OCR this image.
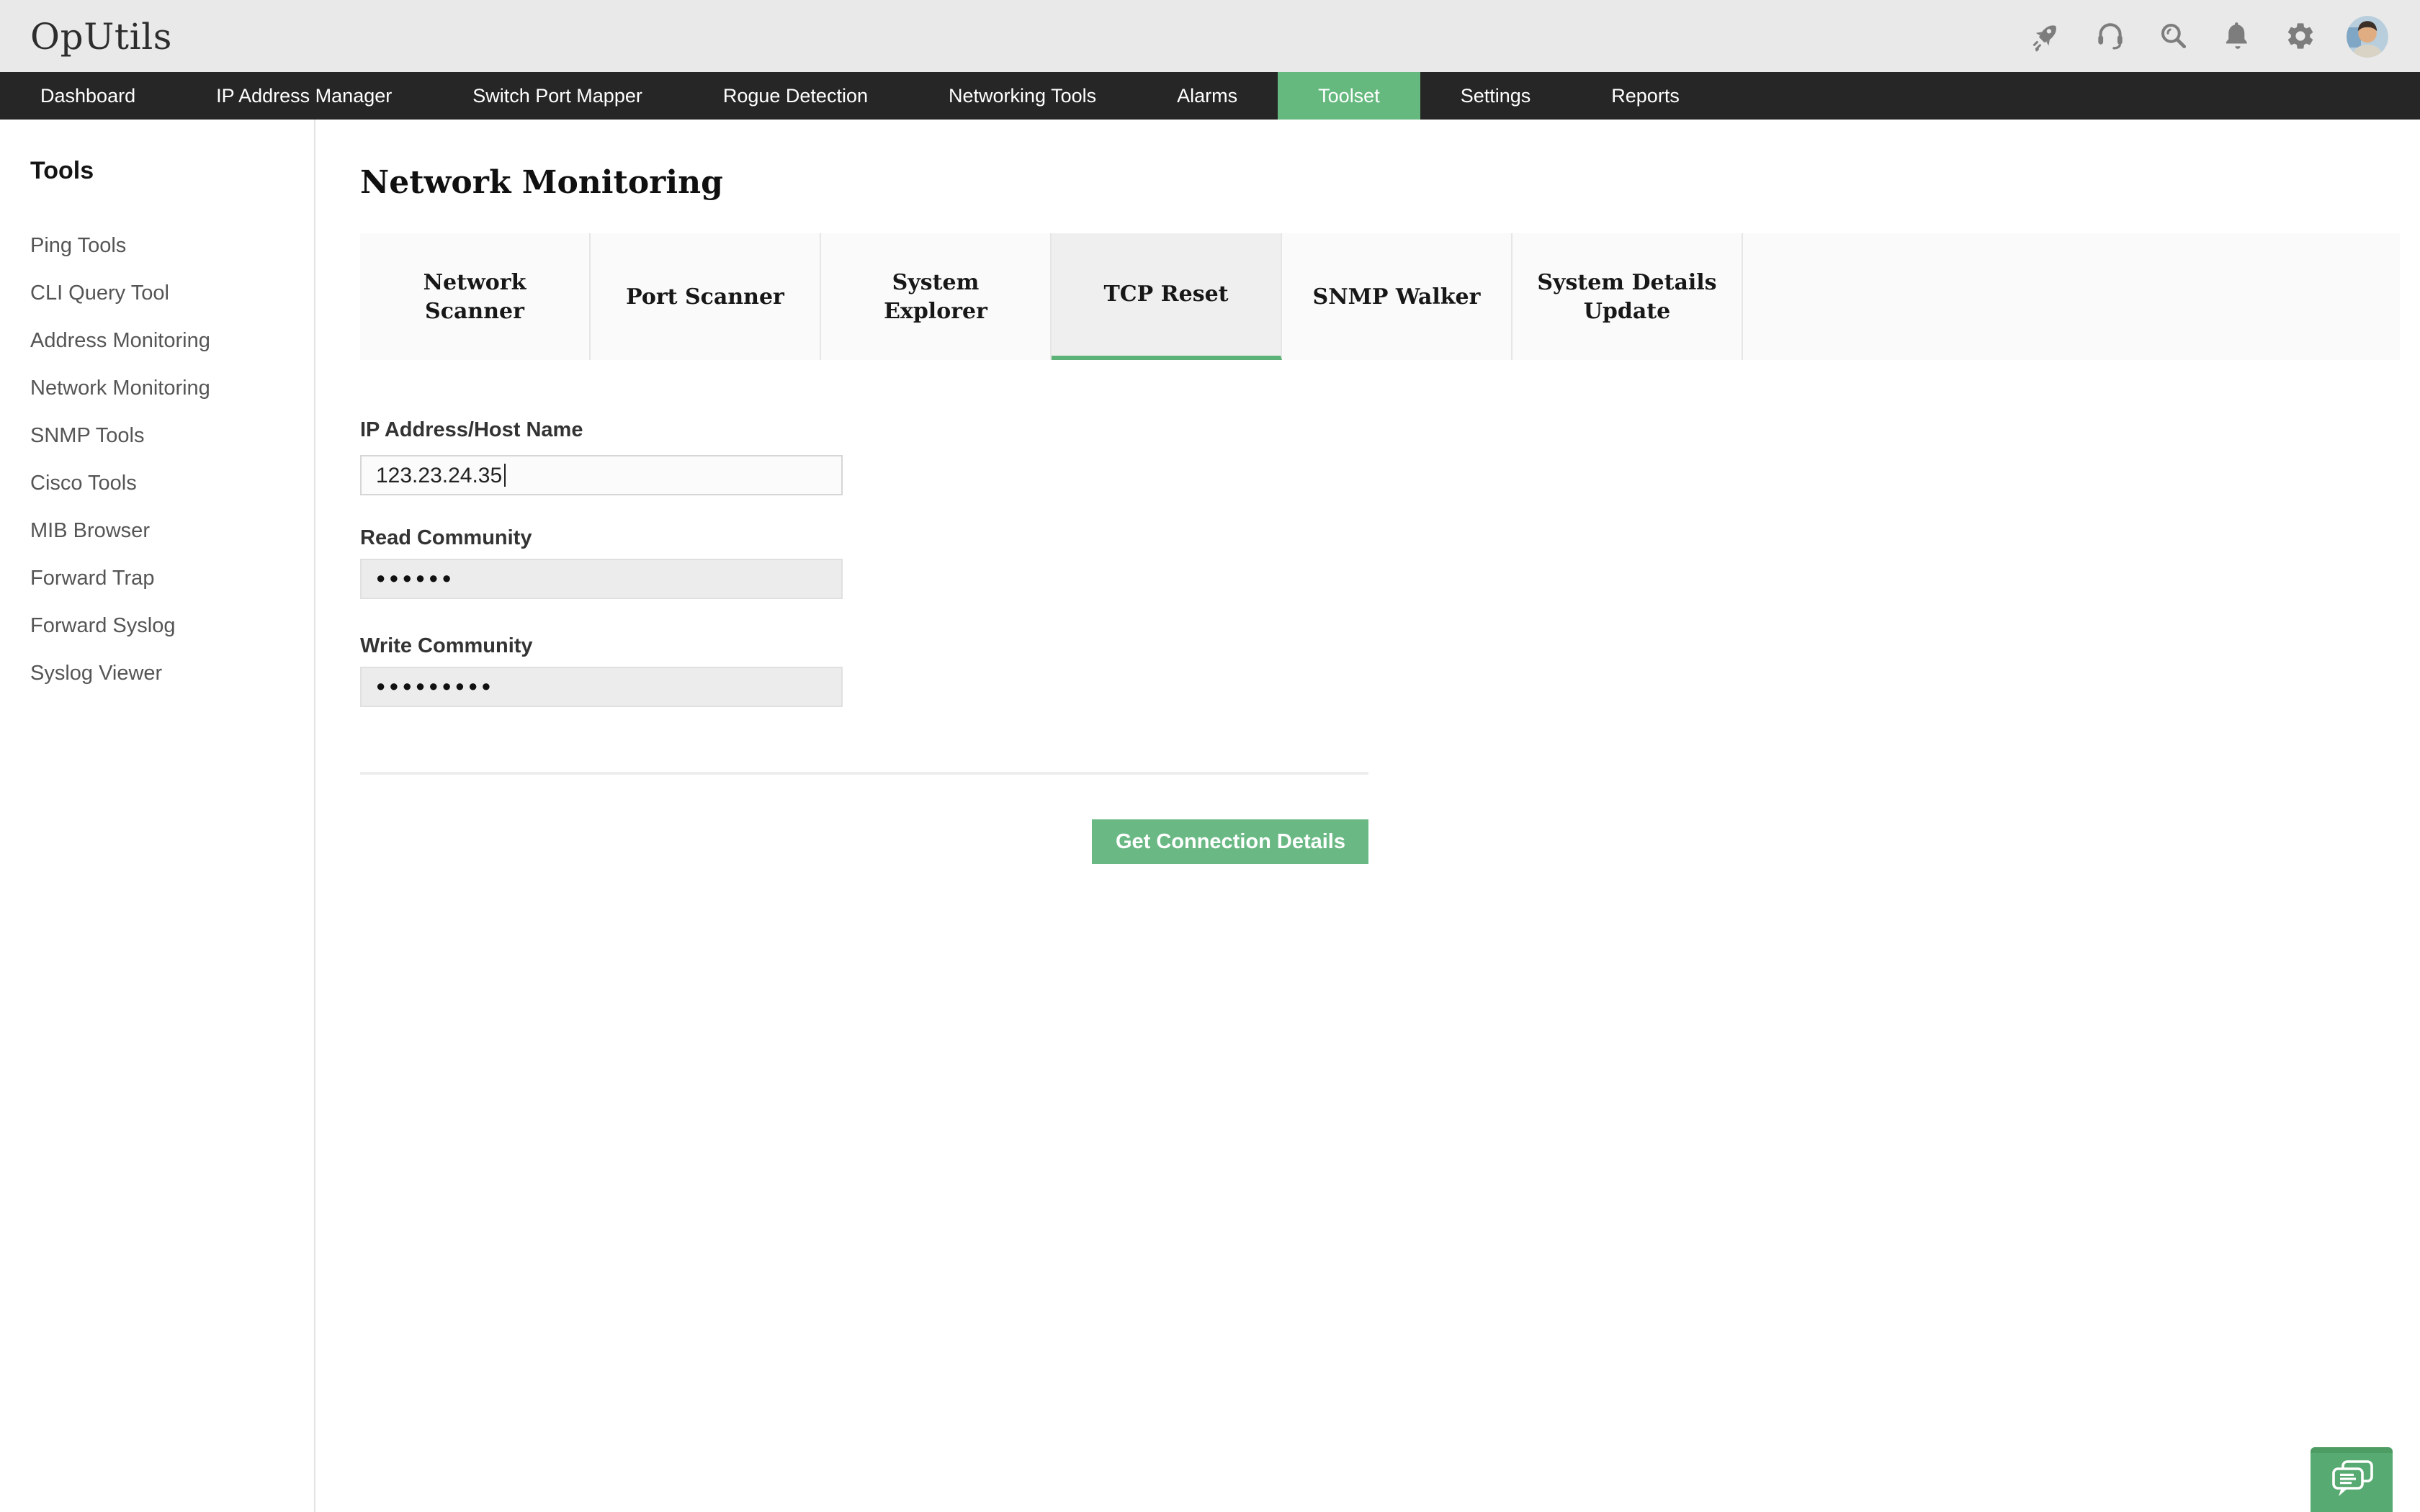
OpUtils
Dashboard	IP Address Manager	Switch Port Mapper	Rogue Detection	Networking Tools	Alarms	Toolset	Settings	Reports
Tools
Ping Tools
CLI Query Tool
Address Monitoring
Network Monitoring
SNMP Tools
Cisco Tools
MIB Browser
Forward Trap
Forward Syslog
Syslog Viewer
Network Monitoring
Network Scanner
Port Scanner
System Explorer
TCP Reset	SNMP Walker
System Details Update
IP Address/Host Name
123.23.24.35
Read Community
●●●●●●
Write Community
●●●●●●●●●
Get Connection Details
